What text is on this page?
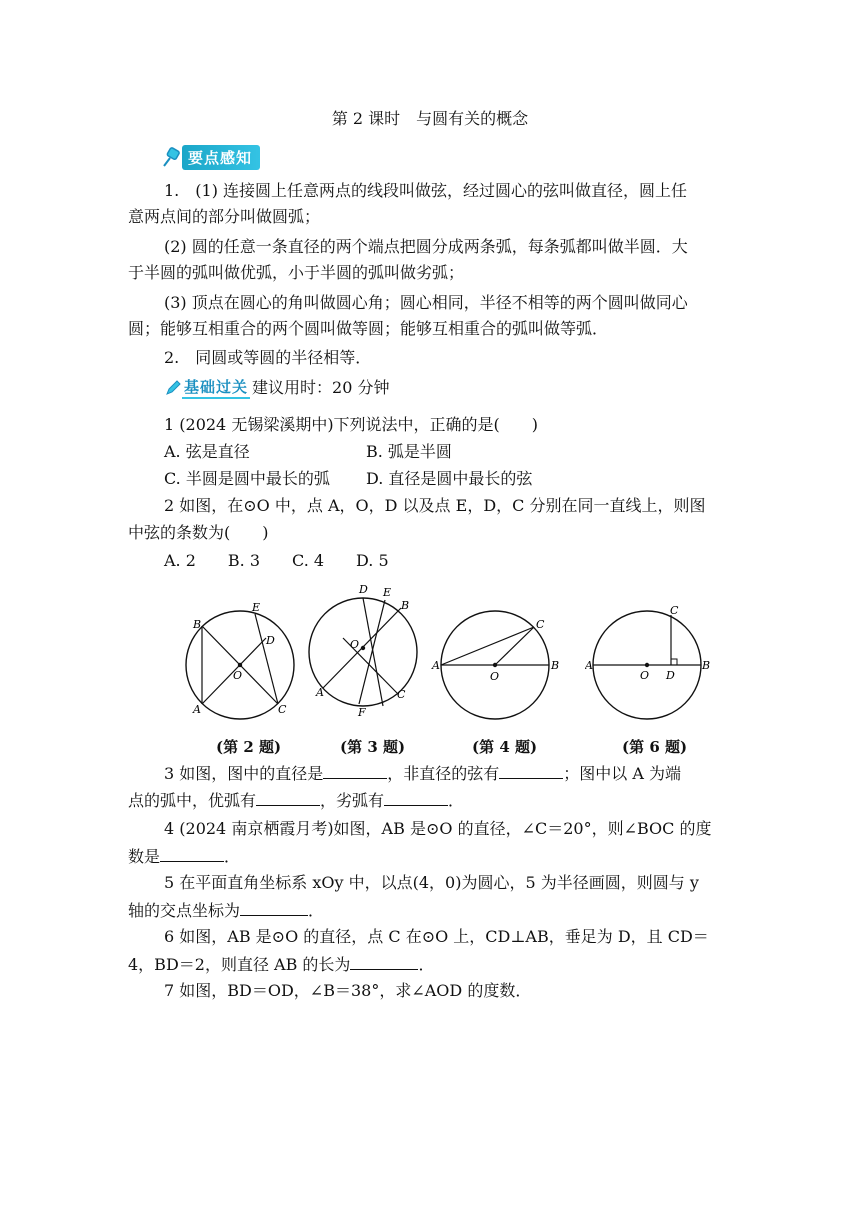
第 2 课时　与圆有关的概念
要点感知
1.　(1) 连接圆上任意两点的线段叫做弦，经过圆心的弦叫做直径，圆上任
意两点间的部分叫做圆弧；
(2) 圆的任意一条直径的两个端点把圆分成两条弧，每条弧都叫做半圆．大
于半圆的弧叫做优弧，小于半圆的弧叫做劣弧；
(3) 顶点在圆心的角叫做圆心角；圆心相同，半径不相等的两个圆叫做同心
圆；能够互相重合的两个圆叫做等圆；能够互相重合的弧叫做等弧．
2.　同圆或等圆的半径相等．
基础过关 建议用时：20 分钟
1 (2024 无锡梁溪期中)下列说法中，正确的是(　　)
A. 弦是直径	B. 弧是半圆
C. 半圆是圆中最长的弧 D. 直径是圆中最长的弦
2 如图，在⊙O 中，点 A，O，D 以及点 E，D，C 分别在同一直线上，则图
中弦的条数为(　　)
A. 2　　B. 3　　C. 4　　D. 5
B
E
D
O
A	C
D E
B
O
A	C
F
A	B
C
O
A	B
C
O D
(第 2 题)	(第 3 题)	(第 4 题)	(第 6 题)
3 如图，图中的直径是	，非直径的弦有	；图中以 A 为端
点的弧中，优弧有	，劣弧有	．
4 (2024 南京栖霞月考)如图，AB 是⊙O 的直径，∠C＝20°，则∠BOC 的度
数是	．
5 在平面直角坐标系 xOy 中，以点(4，0)为圆心，5 为半径画圆，则圆与 y
轴的交点坐标为	．
6 如图，AB 是⊙O 的直径，点 C 在⊙O 上，CD⊥AB，垂足为 D，且 CD＝
4，BD＝2，则直径 AB 的长为	．
7 如图，BD＝OD，∠B＝38°，求∠AOD 的度数．
